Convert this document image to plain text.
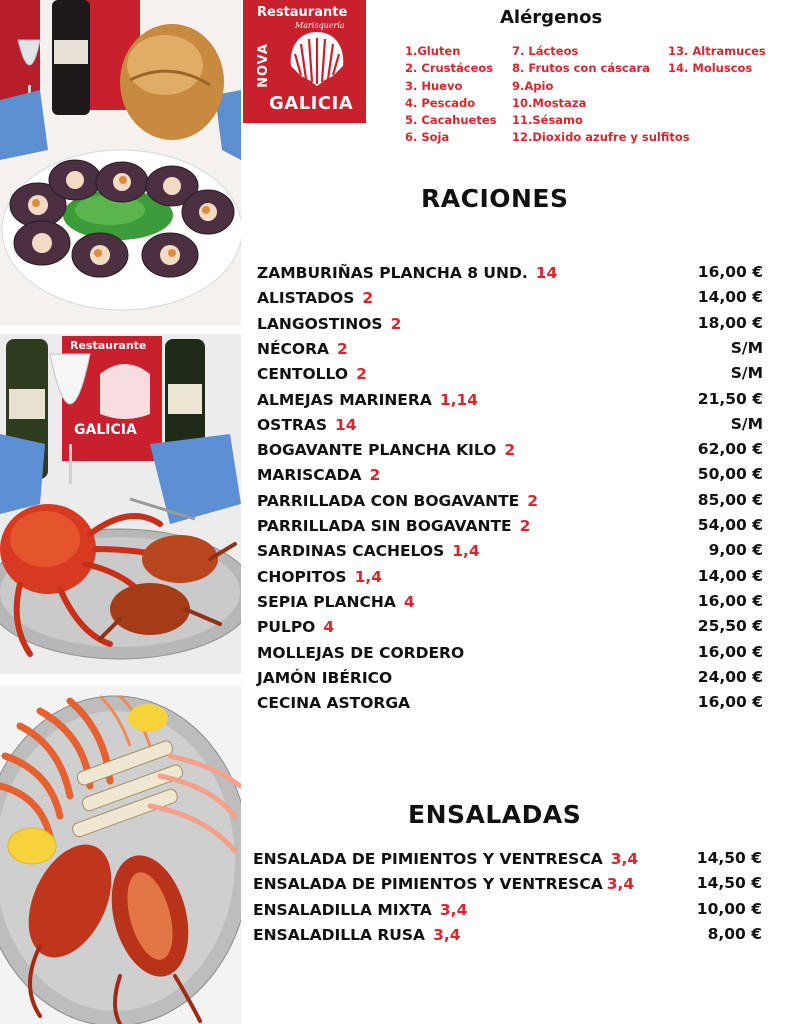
Restaurante
GALICIA
Restaurante
Marisquería
NOVA
GALICIA
Alérgenos
1.Gluten
2. Crustáceos
3. Huevo
4. Pescado
5. Cacahuetes
6. Soja
7. Lácteos
8. Frutos con cáscara
9.Apio
10.Mostaza
11.Sésamo
12.Dioxido azufre y sulfitos
13. Altramuces
14. Moluscos
RACIONES
ZAMBURIÑAS PLANCHA 8 UND. 14	16,00 €
ALISTADOS 2	14,00 €
LANGOSTINOS 2	18,00 €
NÉCORA 2	S/M
CENTOLLO 2	S/M
ALMEJAS MARINERA 1,14	21,50 €
OSTRAS 14	S/M
BOGAVANTE PLANCHA KILO 2	62,00 €
MARISCADA 2	50,00 €
PARRILLADA CON BOGAVANTE 2	85,00 €
PARRILLADA SIN BOGAVANTE 2	54,00 €
SARDINAS CACHELOS 1,4	9,00 €
CHOPITOS 1,4	14,00 €
SEPIA PLANCHA 4	16,00 €
PULPO 4	25,50 €
MOLLEJAS DE CORDERO	16,00 €
JAMÓN IBÉRICO	24,00 €
CECINA ASTORGA	16,00 €
ENSALADAS
ENSALADA DE PIMIENTOS Y VENTRESCA 3,4	14,50 €
ENSALADA DE PIMIENTOS Y VENTRESCA 3,4	14,50 €
ENSALADILLA MIXTA 3,4	10,00 €
ENSALADILLA RUSA 3,4	8,00 €
